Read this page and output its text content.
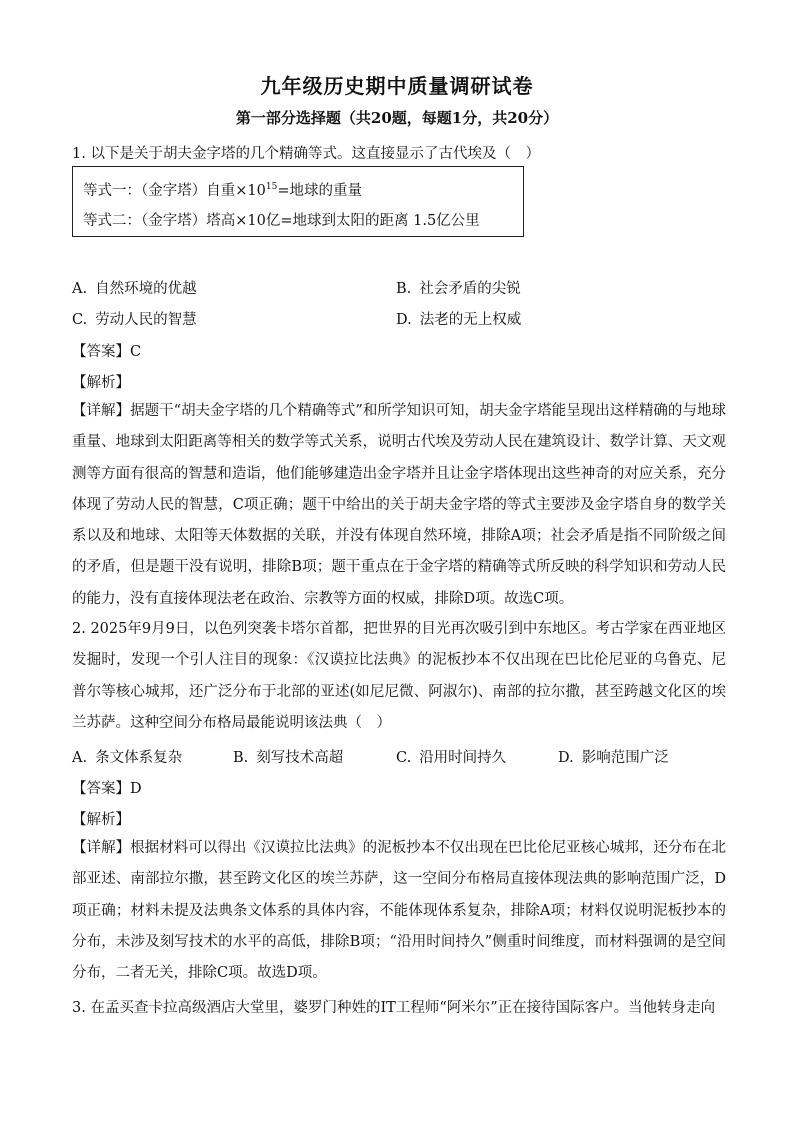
九年级历史期中质量调研试卷
第一部分选择题（共20题，每题1分，共20分）
1. 以下是关于胡夫金字塔的几个精确等式。这直接显示了古代埃及（　）
等式一：（金字塔）自重$\times 10^{15}=$地球的重量
等式二：（金字塔）塔高×10亿=地球到太阳的距离 1.5亿公里
A. 自然环境的优越	B. 社会矛盾的尖锐
C. 劳动人民的智慧	D. 法老的无上权威
【答案】C
【解析】
【详解】据题干“胡夫金字塔的几个精确等式”和所学知识可知，胡夫金字塔能呈现出这样精确的与地球重量、地球到太阳距离等相关的数学等式关系，说明古代埃及劳动人民在建筑设计、数学计算、天文观测等方面有很高的智慧和造诣，他们能够建造出金字塔并且让金字塔体现出这些神奇的对应关系，充分体现了劳动人民的智慧，C项正确；题干中给出的关于胡夫金字塔的等式主要涉及金字塔自身的数学关系以及和地球、太阳等天体数据的关联，并没有体现自然环境，排除A项；社会矛盾是指不同阶级之间的矛盾，但是题干没有说明，排除B项；题干重点在于金字塔的精确等式所反映的科学知识和劳动人民的能力，没有直接体现法老在政治、宗教等方面的权威，排除D项。故选C项。
2. 2025年9月9日，以色列突袭卡塔尔首都，把世界的目光再次吸引到中东地区。考古学家在西亚地区发掘时，发现一个引人注目的现象：《汉谟拉比法典》的泥板抄本不仅出现在巴比伦尼亚的乌鲁克、尼普尔等核心城邦，还广泛分布于北部的亚述(如尼尼微、阿淑尔)、南部的拉尔撒，甚至跨越文化区的埃兰苏萨。这种空间分布格局最能说明该法典（　）
A. 条文体系复杂	B. 刻写技术高超	C. 沿用时间持久	D. 影响范围广泛
【答案】D
【解析】
【详解】根据材料可以得出《汉谟拉比法典》的泥板抄本不仅出现在巴比伦尼亚核心城邦，还分布在北部亚述、南部拉尔撒，甚至跨文化区的埃兰苏萨，这一空间分布格局直接体现法典的影响范围广泛，D项正确；材料未提及法典条文体系的具体内容，不能体现体系复杂，排除A项；材料仅说明泥板抄本的分布，未涉及刻写技术的水平的高低，排除B项；“沿用时间持久”侧重时间维度，而材料强调的是空间分布，二者无关，排除C项。故选D项。
3. 在孟买查卡拉高级酒店大堂里，婆罗门种姓的IT工程师“阿米尔”正在接待国际客户。当他转身走向
